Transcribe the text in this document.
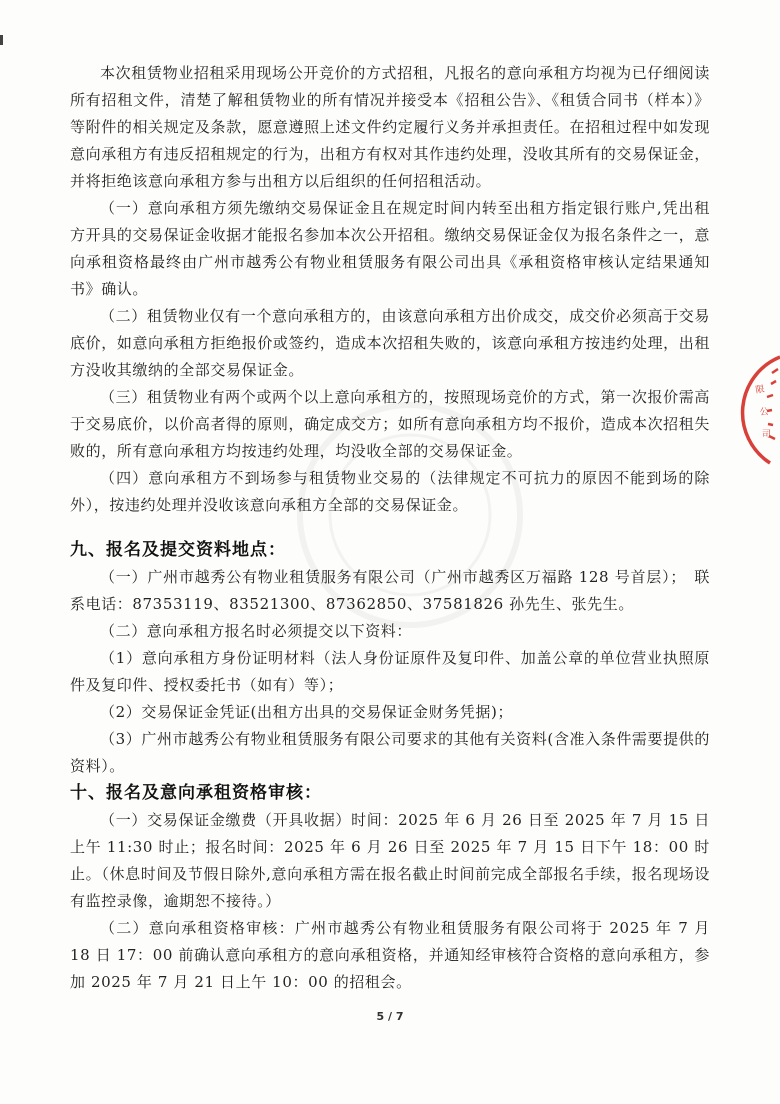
限
公
司

本次租赁物业招租采用现场公开竞价的方式招租，凡报名的意向承租方均视为已仔细阅读所有招租文件，清楚了解租赁物业的所有情况并接受本《招租公告》、《租赁合同书（样本）》等附件的相关规定及条款，愿意遵照上述文件约定履行义务并承担责任。在招租过程中如发现意向承租方有违反招租规定的行为，出租方有权对其作违约处理，没收其所有的交易保证金，并将拒绝该意向承租方参与出租方以后组织的任何招租活动。

（一）意向承租方须先缴纳交易保证金且在规定时间内转至出租方指定银行账户,凭出租方开具的交易保证金收据才能报名参加本次公开招租。缴纳交易保证金仅为报名条件之一，意向承租资格最终由广州市越秀公有物业租赁服务有限公司出具《承租资格审核认定结果通知书》确认。

（二）租赁物业仅有一个意向承租方的，由该意向承租方出价成交，成交价必须高于交易底价，如意向承租方拒绝报价或签约，造成本次招租失败的，该意向承租方按违约处理，出租方没收其缴纳的全部交易保证金。

（三）租赁物业有两个或两个以上意向承租方的，按照现场竞价的方式，第一次报价需高于交易底价，以价高者得的原则，确定成交方；如所有意向承租方均不报价，造成本次招租失败的，所有意向承租方均按违约处理，均没收全部的交易保证金。

（四）意向承租方不到场参与租赁物业交易的（法律规定不可抗力的原因不能到场的除外），按违约处理并没收该意向承租方全部的交易保证金。

九、报名及提交资料地点：

（一）广州市越秀公有物业租赁服务有限公司（广州市越秀区万福路 128 号首层）；　联系电话：87353119、83521300、87362850、37581826 孙先生、张先生。

（二）意向承租方报名时必须提交以下资料：

（1）意向承租方身份证明材料（法人身份证原件及复印件、加盖公章的单位营业执照原件及复印件、授权委托书（如有）等）；

（2）交易保证金凭证(出租方出具的交易保证金财务凭据)；

（3）广州市越秀公有物业租赁服务有限公司要求的其他有关资料(含准入条件需要提供的资料）。

十、报名及意向承租资格审核：

（一）交易保证金缴费（开具收据）时间：2025 年 6 月 26 日至 2025 年 7 月 15 日上午 11:30 时止；报名时间：2025 年 6 月 26 日至 2025 年 7 月 15 日下午 18：00 时止。（休息时间及节假日除外,意向承租方需在报名截止时间前完成全部报名手续，报名现场设有监控录像，逾期恕不接待。）

（二）意向承租资格审核：广州市越秀公有物业租赁服务有限公司将于 2025 年 7 月 18 日 17：00 前确认意向承租方的意向承租资格，并通知经审核符合资格的意向承租方，参加 2025 年 7 月 21 日上午 10：00 的招租会。

5 / 7
